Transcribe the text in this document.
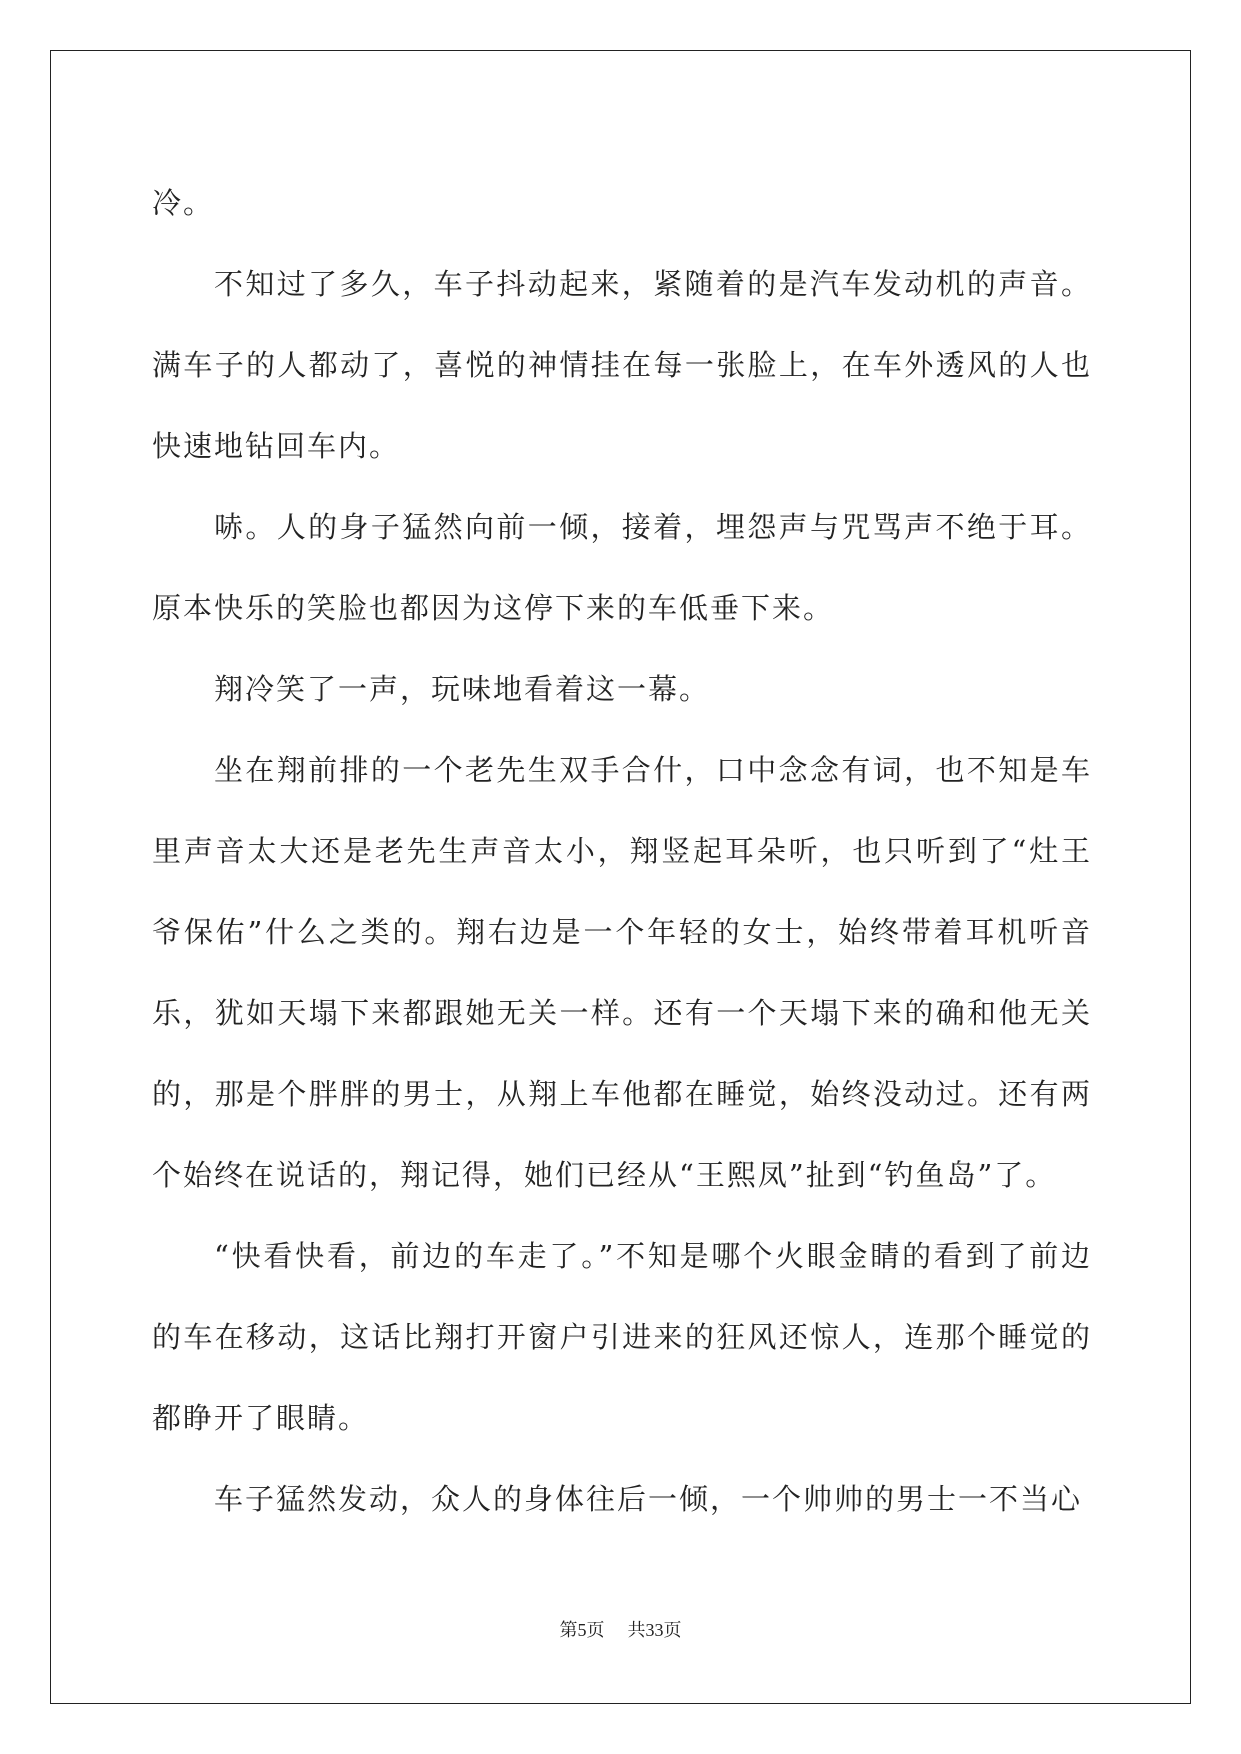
冷。

不知过了多久，车子抖动起来，紧随着的是汽车发动机的声音。满车子的人都动了，喜悦的神情挂在每一张脸上，在车外透风的人也快速地钻回车内。

哧。人的身子猛然向前一倾，接着，埋怨声与咒骂声不绝于耳。原本快乐的笑脸也都因为这停下来的车低垂下来。

翔冷笑了一声，玩味地看着这一幕。

坐在翔前排的一个老先生双手合什，口中念念有词，也不知是车里声音太大还是老先生声音太小，翔竖起耳朵听，也只听到了“灶王爷保佑”什么之类的。翔右边是一个年轻的女士，始终带着耳机听音乐，犹如天塌下来都跟她无关一样。还有一个天塌下来的确和他无关的，那是个胖胖的男士，从翔上车他都在睡觉，始终没动过。还有两个始终在说话的，翔记得，她们已经从“王熙凤”扯到“钓鱼岛”了。

“快看快看，前边的车走了。”不知是哪个火眼金睛的看到了前边的车在移动，这话比翔打开窗户引进来的狂风还惊人，连那个睡觉的都睁开了眼睛。

车子猛然发动，众人的身体往后一倾，一个帅帅的男士一不当心

第5页 共33页
